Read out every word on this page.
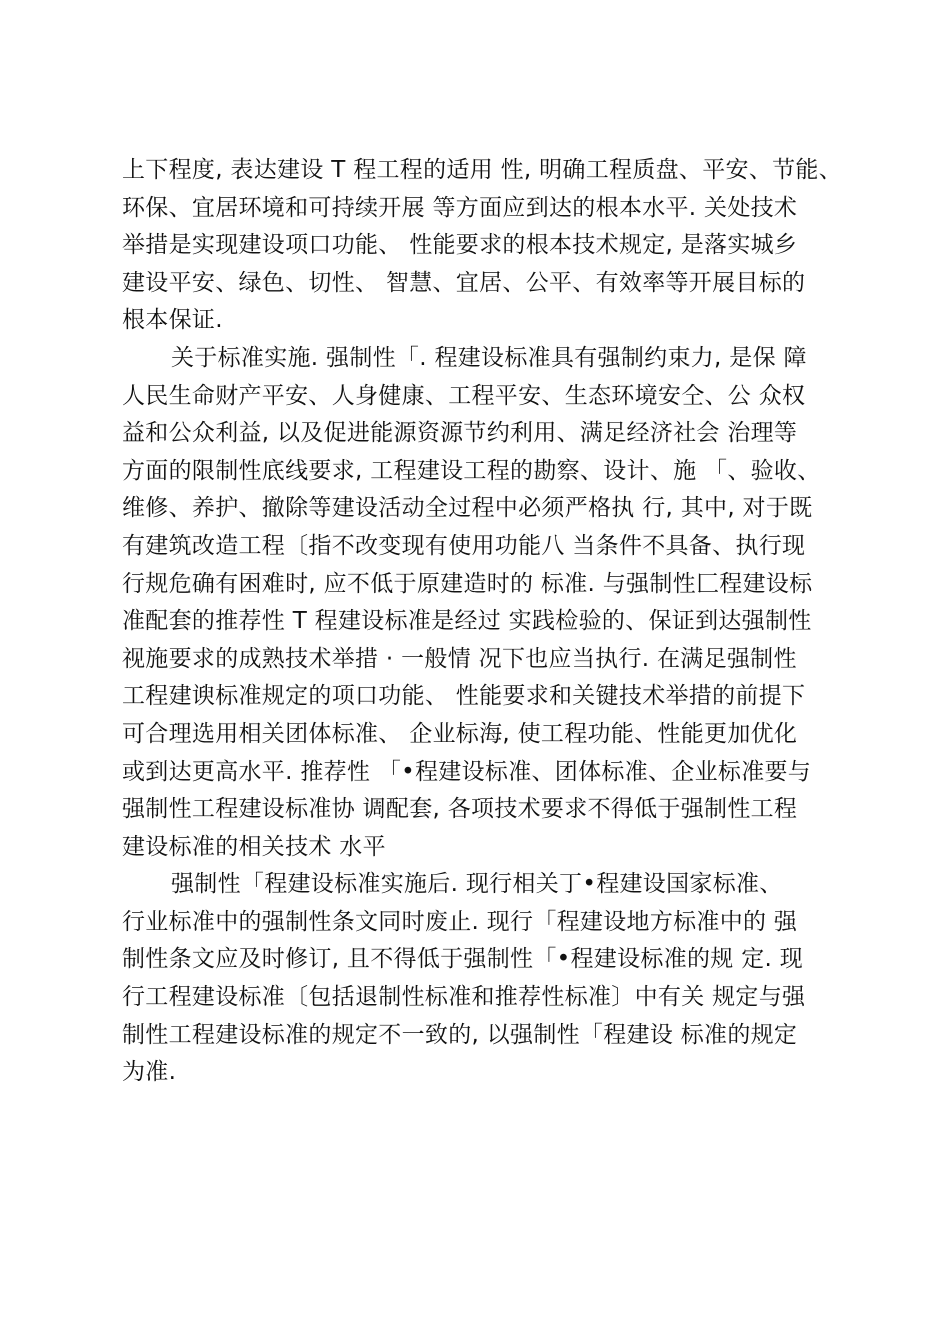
上下程度, 表达建设 T 程工程的适用 性, 明确工程质盘、平安、节能、
环保、宜居环境和可持续开展 等方面应到达的根本水平. 关处技术
举措是实现建设项口功能、 性能要求的根本技术规定, 是落实城乡
建设平安、绿色、切性、 智慧、宜居、公平、有效率等开展目标的
根本保证.

关于标准实施. 强制性「. 程建设标准具有强制约束力, 是保 障
人民生命财产平安、人身健康、工程平安、生态环境安仝、公 众权
益和公众利益, 以及促进能源资源节约利用、满足经济社会 治理等
方面的限制性底线要求, 工程建设工程的勘察、设计、施 「、验收、
维修、养护、撤除等建设活动全过程中必须严格执 行, 其中, 对于既
有建筑改造工程〔指不改变现有使用功能八 当条件不具备、执行现
行规危确有困难时, 应不低于原建造时的 标准. 与强制性匚程建设标
准配套的推荐性 T 程建设标准是经过 实践检验的、保证到达强制性
视施要求的成熟技术举措 · 一般情 况下也应当执行. 在满足强制性
工程建谀标准规定的项口功能、 性能要求和关键技术举措的前提下
可合理选用相关团体标准、 企业标海, 使工程功能、性能更加优化
或到达更高水平. 推荐性 「•程建设标准、团体标准、企业标准要与
强制性工程建设标准协 调配套, 各项技术要求不得低于强制性工程
建设标准的相关技术 水平

强制性「程建设标准实施后. 现行相关丁•程建设国家标准、
行业标准中的强制性条文同时废止. 现行「程建设地方标准中的 强
制性条文应及时修订, 且不得低于强制性「•程建设标准的规 定. 现
行工程建设标准〔包括退制性标准和推荐性标准〕中有关 规定与强
制性工程建设标准的规定不一致的, 以强制性「程建设 标准的规定
为准.
